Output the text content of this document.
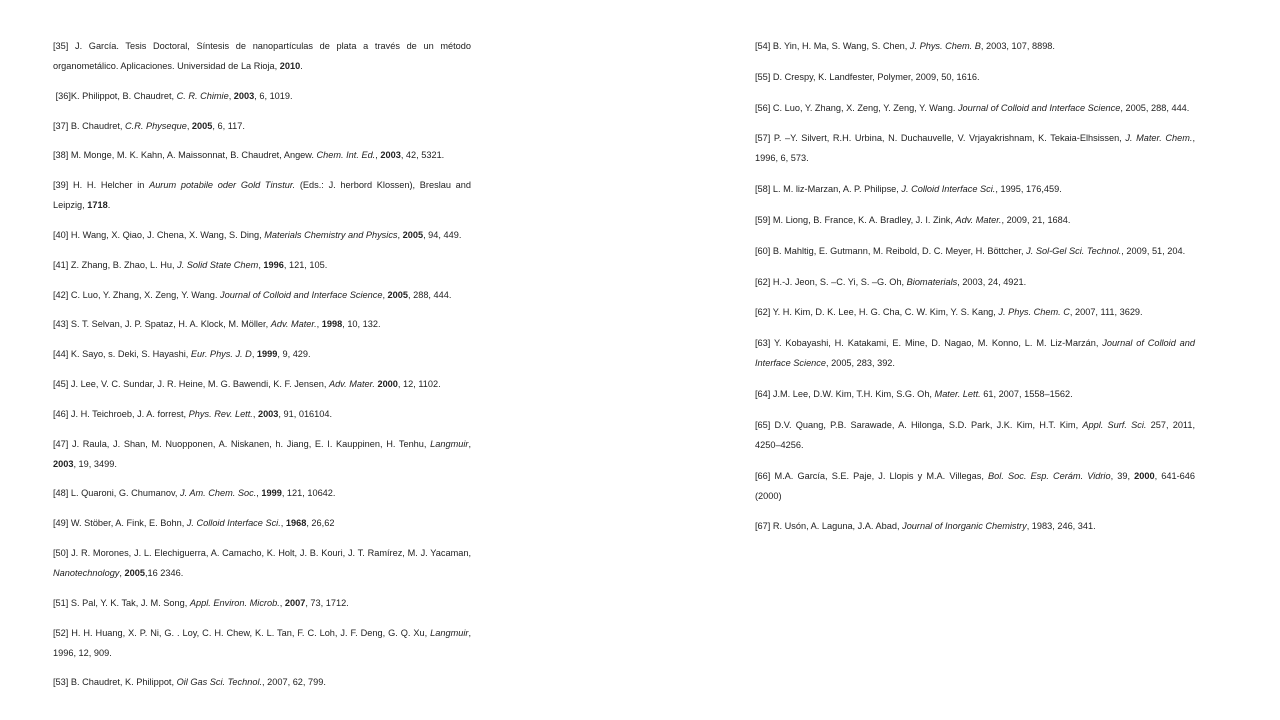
[35] J. García. Tesis Doctoral, Síntesis de nanopartículas de plata a través de un método organometálico. Aplicaciones. Universidad de La Rioja, 2010.
[36]K. Philippot, B. Chaudret, C. R. Chimie, 2003, 6, 1019.
[37] B. Chaudret, C.R. Physeque, 2005, 6, 117.
[38] M. Monge, M. K. Kahn, A. Maissonnat, B. Chaudret, Angew. Chem. Int. Ed., 2003, 42, 5321.
[39] H. H. Helcher in Aurum potabile oder Gold Tinstur. (Eds.: J. herbord Klossen), Breslau and Leipzig, 1718.
[40] H. Wang, X. Qiao, J. Chena, X. Wang, S. Ding, Materials Chemistry and Physics, 2005, 94, 449.
[41] Z. Zhang, B. Zhao, L. Hu, J. Solid State Chem, 1996, 121, 105.
[42] C. Luo, Y. Zhang, X. Zeng, Y. Wang. Journal of Colloid and Interface Science, 2005, 288, 444.
[43] S. T. Selvan, J. P. Spataz, H. A. Klock, M. Möller, Adv. Mater., 1998, 10, 132.
[44] K. Sayo, s. Deki, S. Hayashi, Eur. Phys. J. D, 1999, 9, 429.
[45] J. Lee, V. C. Sundar, J. R. Heine, M. G. Bawendi, K. F. Jensen, Adv. Mater. 2000, 12, 1102.
[46] J. H. Teichroeb, J. A. forrest, Phys. Rev. Lett., 2003, 91, 016104.
[47] J. Raula, J. Shan, M. Nuopponen, A. Niskanen, h. Jiang, E. I. Kauppinen, H. Tenhu, Langmuir, 2003, 19, 3499.
[48] L. Quaroni, G. Chumanov, J. Am. Chem. Soc., 1999, 121, 10642.
[49] W. Stöber, A. Fink, E. Bohn, J. Colloid Interface Sci., 1968, 26,62
[50] J. R. Morones, J. L. Elechiguerra, A. Camacho, K. Holt, J. B. Kouri, J. T. Ramírez, M. J. Yacaman, Nanotechnology, 2005,16 2346.
[51] S. Pal, Y. K. Tak, J. M. Song, Appl. Environ. Microb., 2007, 73, 1712.
[52] H. H. Huang, X. P. Ni, G. . Loy, C. H. Chew, K. L. Tan, F. C. Loh, J. F. Deng, G. Q. Xu, Langmuir, 1996, 12, 909.
[53] B. Chaudret, K. Philippot, Oil Gas Sci. Technol., 2007, 62, 799.
[54] B. Yin, H. Ma, S. Wang, S. Chen, J. Phys. Chem. B, 2003, 107, 8898.
[55] D. Crespy, K. Landfester, Polymer, 2009, 50, 1616.
[56] C. Luo, Y. Zhang, X. Zeng, Y. Zeng, Y. Wang. Journal of Colloid and Interface Science, 2005, 288, 444.
[57] P. –Y. Silvert, R.H. Urbina, N. Duchauvelle, V. Vrjayakrishnam, K. Tekaia-Elhsissen, J. Mater. Chem., 1996, 6, 573.
[58] L. M. liz-Marzan, A. P. Philipse, J. Colloid Interface Sci., 1995, 176,459.
[59] M. Liong, B. France, K. A. Bradley, J. I. Zink, Adv. Mater., 2009, 21, 1684.
[60] B. Mahltig, E. Gutmann, M. Reibold, D. C. Meyer, H. Böttcher, J. Sol-Gel Sci. Technol., 2009, 51, 204.
[62] H.-J. Jeon, S. –C. Yi, S. –G. Oh, Biomaterials, 2003, 24, 4921.
[62] Y. H. Kim, D. K. Lee, H. G. Cha, C. W. Kim, Y. S. Kang, J. Phys. Chem. C, 2007, 111, 3629.
[63] Y. Kobayashi, H. Katakami, E. Mine, D. Nagao, M. Konno, L. M. Liz-Marzán, Journal of Colloid and Interface Science, 2005, 283, 392.
[64] J.M. Lee, D.W. Kim, T.H. Kim, S.G. Oh, Mater. Lett. 61, 2007, 1558–1562.
[65] D.V. Quang, P.B. Sarawade, A. Hilonga, S.D. Park, J.K. Kim, H.T. Kim, Appl. Surf. Sci. 257, 2011, 4250–4256.
[66] M.A. García, S.E. Paje, J. Llopis y M.A. Villegas, Bol. Soc. Esp. Cerám. Vidrio, 39, 2000, 641-646 (2000)
[67] R. Usón, A. Laguna, J.A. Abad, Journal of Inorganic Chemistry, 1983, 246, 341.
